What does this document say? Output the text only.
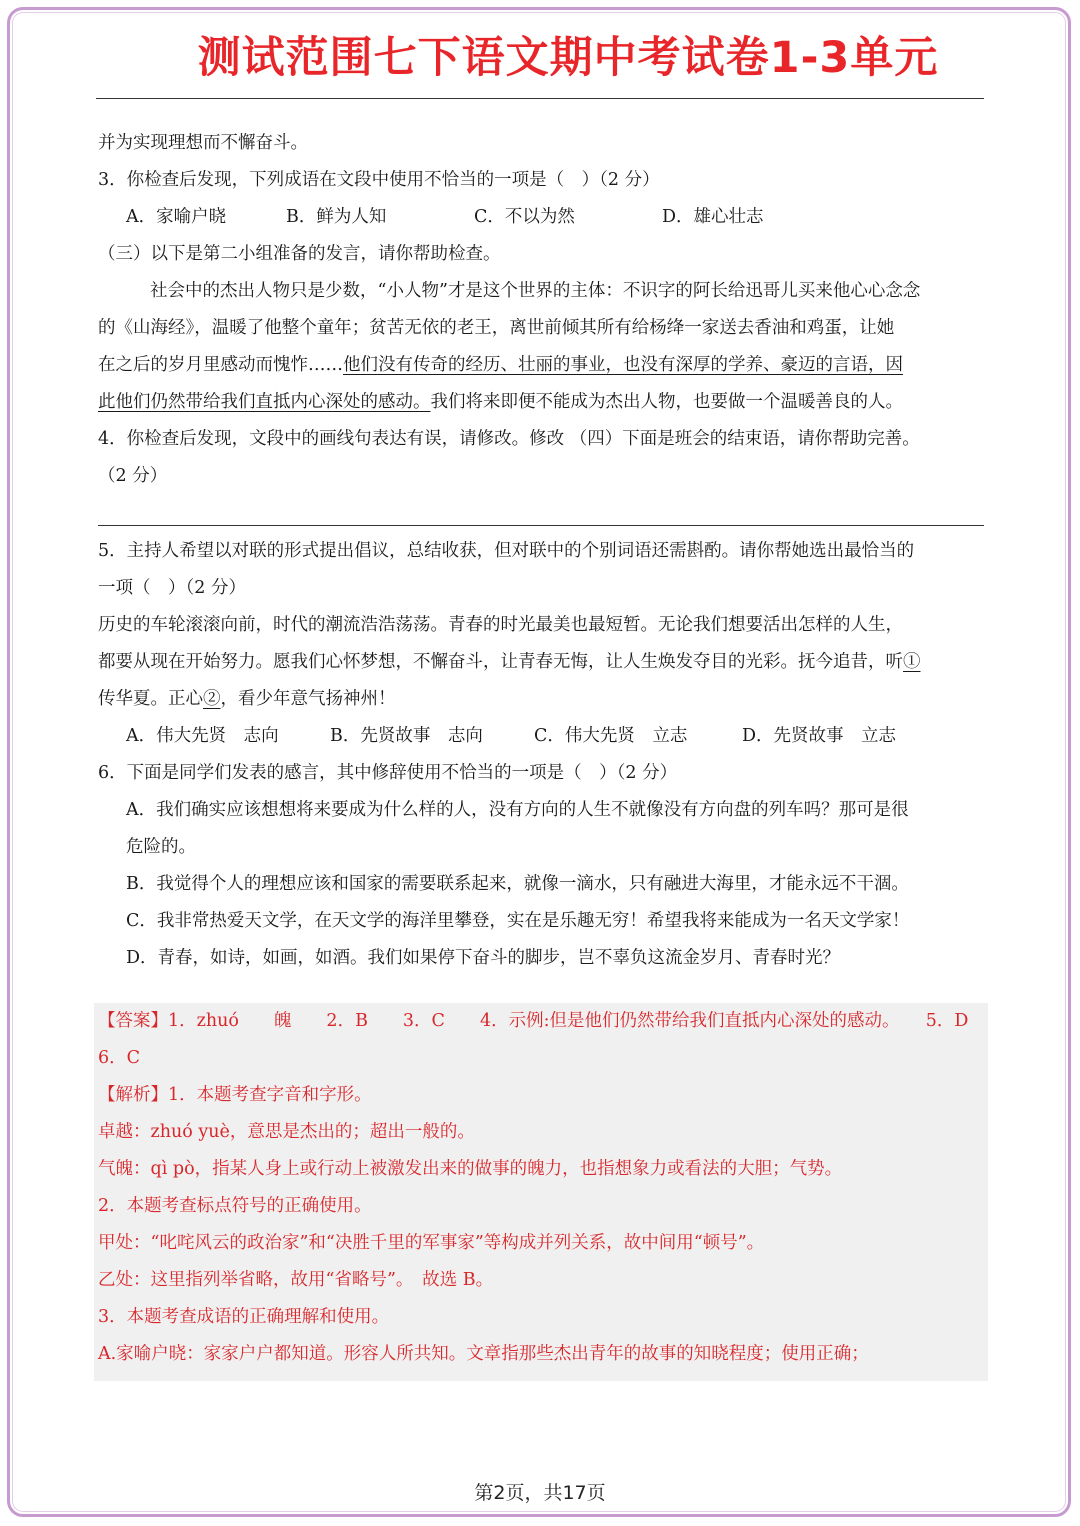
测试范围七下语文期中考试卷1-3单元
并为实现理想而不懈奋斗。
3．你检查后发现，下列成语在文段中使用不恰当的一项是（　）（2 分）
A．家喻户晓	B．鲜为人知	C．不以为然	D．雄心壮志
（三）以下是第二小组准备的发言，请你帮助检查。
社会中的杰出人物只是少数，“小人物”才是这个世界的主体：不识字的阿长给迅哥儿买来他心心念念
的《山海经》，温暖了他整个童年；贫苦无依的老王，离世前倾其所有给杨绛一家送去香油和鸡蛋，让她
在之后的岁月里感动而愧怍……他们没有传奇的经历、壮丽的事业，也没有深厚的学养、豪迈的言语，因
此他们仍然带给我们直抵内心深处的感动。我们将来即便不能成为杰出人物，也要做一个温暖善良的人。
4．你检查后发现，文段中的画线句表达有误，请修改。修改 （四）下面是班会的结束语，请你帮助完善。
（2 分）
5．主持人希望以对联的形式提出倡议，总结收获，但对联中的个别词语还需斟酌。请你帮她选出最恰当的
一项（　）（2 分）
历史的车轮滚滚向前，时代的潮流浩浩荡荡。青春的时光最美也最短暂。无论我们想要活出怎样的人生，
都要从现在开始努力。愿我们心怀梦想，不懈奋斗，让青春无悔，让人生焕发夺目的光彩。抚今追昔，听①
传华夏。正心②，看少年意气扬神州！
A．伟大先贤　志向	B．先贤故事　志向	C．伟大先贤　立志	D．先贤故事　立志
6．下面是同学们发表的感言，其中修辞使用不恰当的一项是（　）（2 分）
A．我们确实应该想想将来要成为什么样的人，没有方向的人生不就像没有方向盘的列车吗？那可是很
危险的。
B．我觉得个人的理想应该和国家的需要联系起来，就像一滴水，只有融进大海里，才能永远不干涸。
C．我非常热爱天文学，在天文学的海洋里攀登，实在是乐趣无穷！希望我将来能成为一名天文学家！
D．青春，如诗，如画，如酒。我们如果停下奋斗的脚步，岂不辜负这流金岁月、青春时光？
【答案】1．zhuó　　魄　　2．B　　3．C　　4．示例:但是他们仍然带给我们直抵内心深处的感动。　　5．D
6．C
【解析】1．本题考查字音和字形。
卓越：zhuó yuè，意思是杰出的；超出一般的。
气魄：qì pò，指某人身上或行动上被激发出来的做事的魄力，也指想象力或看法的大胆；气势。
2．本题考查标点符号的正确使用。
甲处：“叱咤风云的政治家”和“决胜千里的军事家”等构成并列关系，故中间用“顿号”。
乙处：这里指列举省略，故用“省略号”。　故选 B。
3．本题考查成语的正确理解和使用。
A.家喻户晓：家家户户都知道。形容人所共知。文章指那些杰出青年的故事的知晓程度；使用正确；
第2页，共17页
